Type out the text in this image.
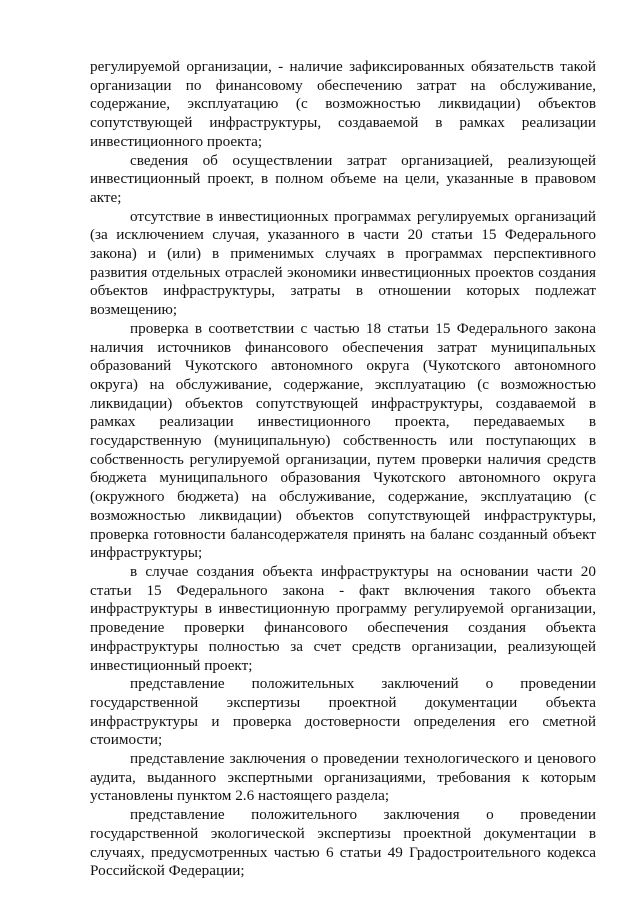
регулируемой организации, - наличие зафиксированных обязательств такой организации по финансовому обеспечению затрат на обслуживание, содержание, эксплуатацию (с возможностью ликвидации) объектов сопутствующей инфраструктуры, создаваемой в рамках реализации инвестиционного проекта;

сведения об осуществлении затрат организацией, реализующей инвестиционный проект, в полном объеме на цели, указанные в правовом акте;

отсутствие в инвестиционных программах регулируемых организаций (за исключением случая, указанного в части 20 статьи 15 Федерального закона) и (или) в применимых случаях в программах перспективного развития отдельных отраслей экономики инвестиционных проектов создания объектов инфраструктуры, затраты в отношении которых подлежат возмещению;

проверка в соответствии с частью 18 статьи 15 Федерального закона наличия источников финансового обеспечения затрат муниципальных образований Чукотского автономного округа (Чукотского автономного округа) на обслуживание, содержание, эксплуатацию (с возможностью ликвидации) объектов сопутствующей инфраструктуры, создаваемой в рамках реализации инвестиционного проекта, передаваемых в государственную (муниципальную) собственность или поступающих в собственность регулируемой организации, путем проверки наличия средств бюджета муниципального образования Чукотского автономного округа (окружного бюджета) на обслуживание, содержание, эксплуатацию (с возможностью ликвидации) объектов сопутствующей инфраструктуры, проверка готовности балансодержателя принять на баланс созданный объект инфраструктуры;

в случае создания объекта инфраструктуры на основании части 20 статьи 15 Федерального закона - факт включения такого объекта инфраструктуры в инвестиционную программу регулируемой организации, проведение проверки финансового обеспечения создания объекта инфраструктуры полностью за счет средств организации, реализующей инвестиционный проект;

представление положительных заключений о проведении государственной экспертизы проектной документации объекта инфраструктуры и проверка достоверности определения его сметной стоимости;

представление заключения о проведении технологического и ценового аудита, выданного экспертными организациями, требования к которым установлены пунктом 2.6 настоящего раздела;

представление положительного заключения о проведении государственной экологической экспертизы проектной документации в случаях, предусмотренных частью 6 статьи 49 Градостроительного кодекса Российской Федерации;
